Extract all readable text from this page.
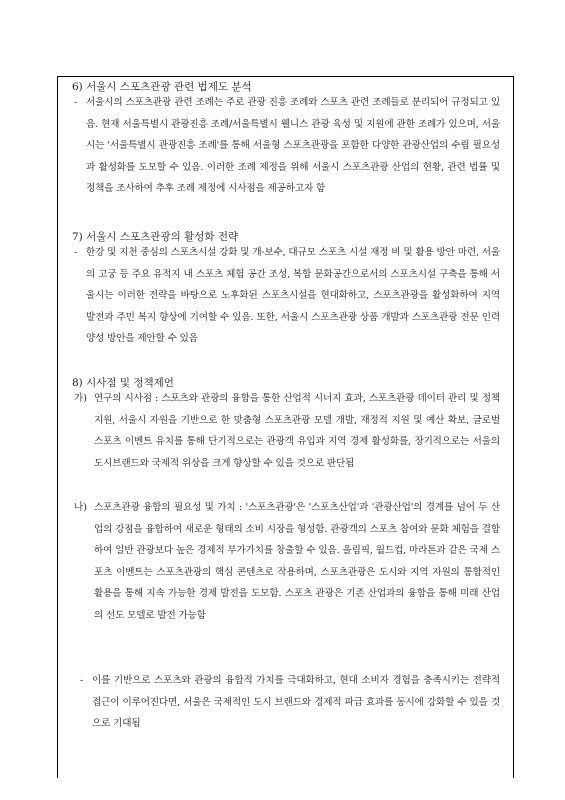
6) 서울시 스포츠관광 관련 법제도 분석
- 서울시의 스포츠관광 관련 조례는 주로 관광 진흥 조례와 스포츠 관련 조례들로 분리되어 규정되고 있음. 현재 서울특별시 관광진흥 조례/서울특별시 웰니스 관광 육성 및 지원에 관한 조례가 있으며, 서울시는 '서울특별시 관광진흥 조례'를 통해 서울형 스포츠관광을 포함한 다양한 관광산업의 수립 필요성과 활성화를 도모할 수 있음. 이러한 조례 제정을 위해 서울시 스포츠관광 산업의 현황, 관련 법률 및 정책을 조사하여 추후 조례 제정에 시사점을 제공하고자 함

7) 서울시 스포츠관광의 활성화 전략
- 한강 및 지천 중심의 스포츠시설 강화 및 개·보수, 대규모 스포츠 시설 재정 비 및 활용 방안 마련, 서울의 고궁 등 주요 유적지 내 스포츠 체험 공간 조성, 복합 문화공간으로서의 스포츠시설 구축을 통해 서울시는 이러한 전략을 바탕으로 노후화된 스포츠시설을 현대화하고, 스포츠관광을 활성화하여 지역 발전과 주민 복지 향상에 기여할 수 있음. 또한, 서울시 스포츠관광 상품 개발과 스포츠관광 전문 인력 양성 방안을 제안할 수 있음

8) 시사점 및 정책제언
가) 연구의 시사점 : 스포츠와 관광의 융합을 통한 산업적 시너지 효과, 스포츠관광 데이터 관리 및 정책 지원, 서울시 자원을 기반으로 한 맞춤형 스포츠관광 모델 개발, 재정적 지원 및 예산 확보, 글로벌 스포츠 이벤트 유치를 통해 단기적으로는 관광객 유입과 지역 경제 활성화를, 장기적으로는 서울의 도시브랜드와 국제적 위상을 크게 향상할 수 있을 것으로 판단됨

나) 스포츠관광 융합의 필요성 및 가치 : '스포츠관광'은 '스포츠산업'과 '관광산업'의 경계를 넘어 두 산업의 강점을 융합하여 새로운 형태의 소비 시장을 형성함. 관광객의 스포츠 참여와 문화 체험을 결합하여 일반 관광보다 높은 경제적 부가가치를 창출할 수 있음. 올림픽, 월드컵, 마라톤과 같은 국제 스포츠 이벤트는 스포츠관광의 핵심 콘텐츠로 작용하며, 스포츠관광은 도시와 지역 자원의 통합적인 활용을 통해 지속 가능한 경제 발전을 도모함. 스포츠 관광은 기존 산업과의 융합을 통해 미래 산업의 선도 모델로 발전 가능함

- 이를 기반으로 스포츠와 관광의 융합적 가치를 극대화하고, 현대 소비자 경험을 충족시키는 전략적 접근이 이루어진다면, 서울은 국제적인 도시 브랜드와 경제적 파급 효과를 동시에 강화할 수 있을 것으로 기대됨
